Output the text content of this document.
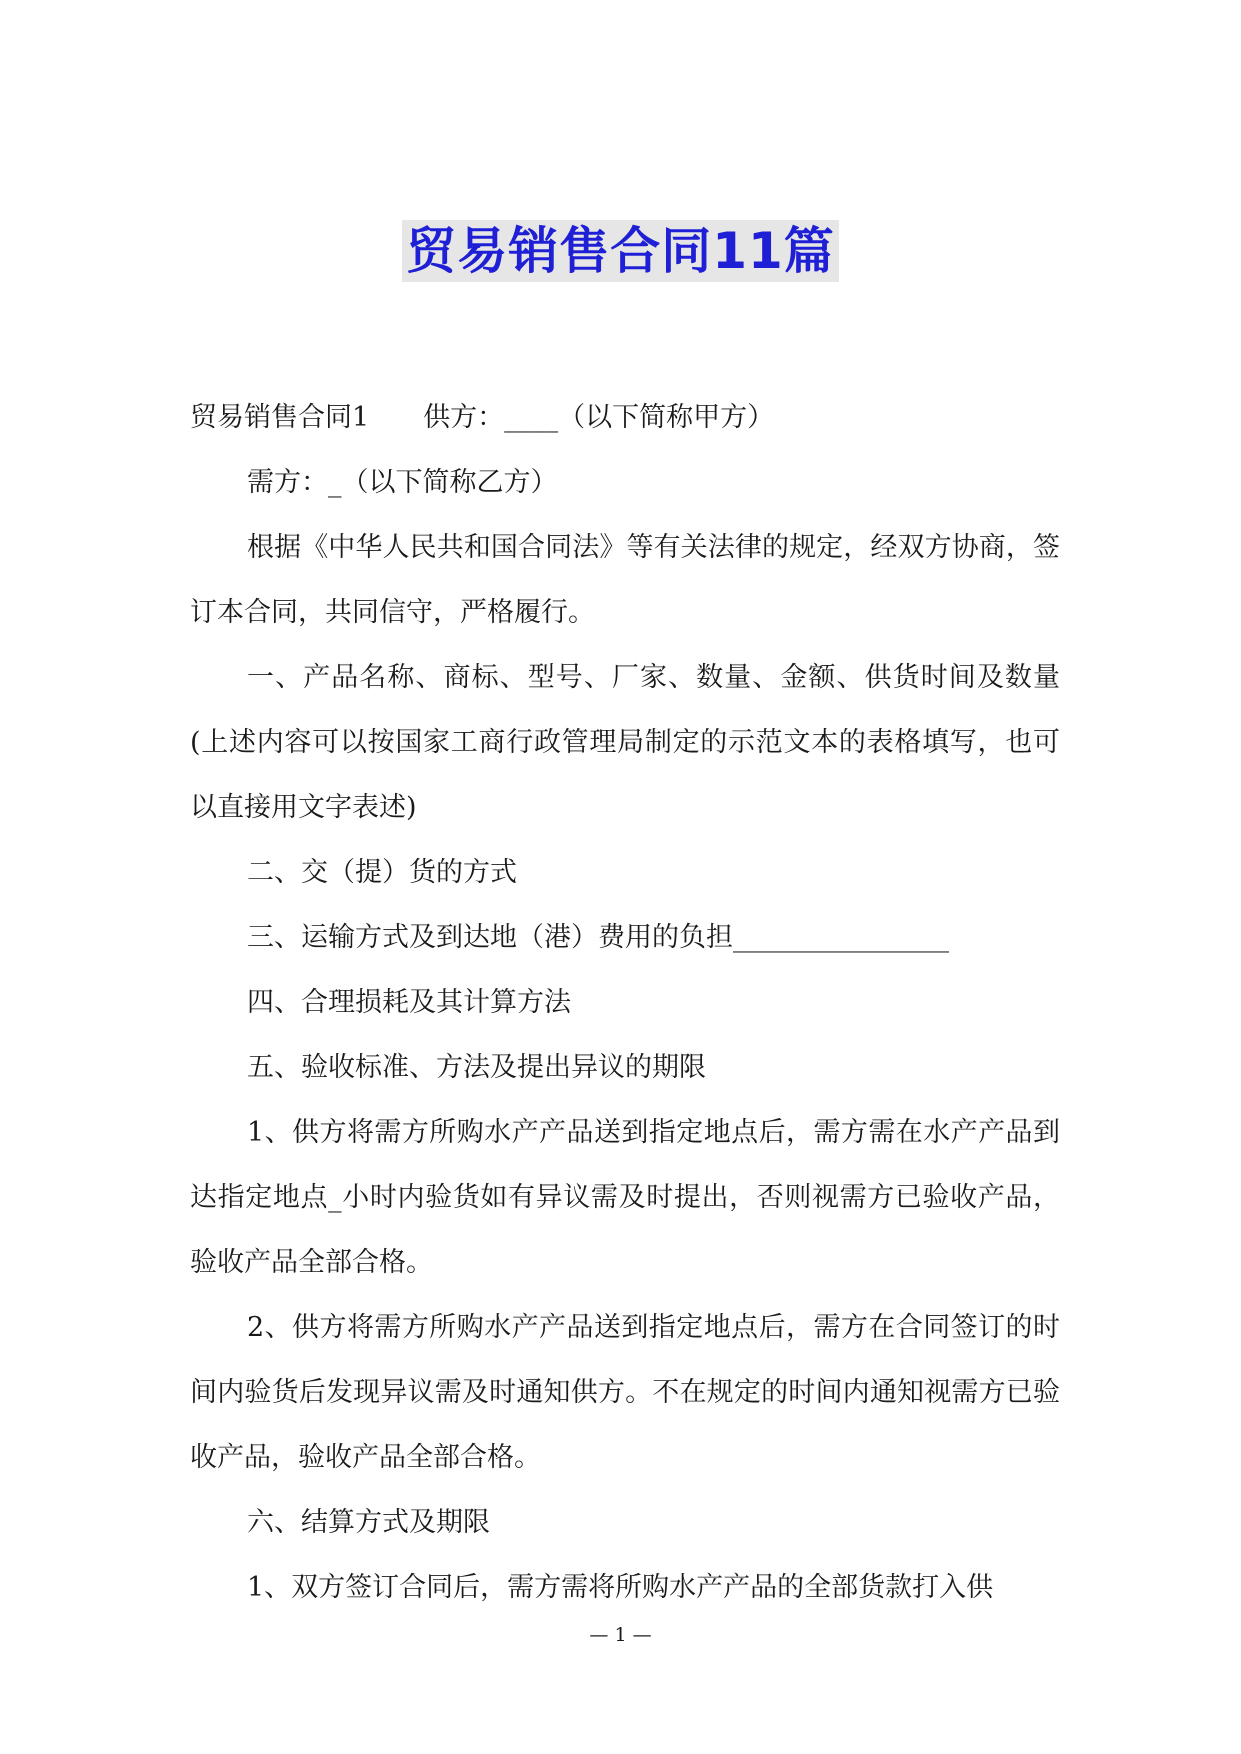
贸易销售合同11篇

贸易销售合同1　　供方：____（以下简称甲方）

需方：_（以下简称乙方）

根据《中华人民共和国合同法》等有关法律的规定，经双方协商，签订本合同，共同信守，严格履行。

一、产品名称、商标、型号、厂家、数量、金额、供货时间及数量(上述内容可以按国家工商行政管理局制定的示范文本的表格填写，也可以直接用文字表述)

二、交（提）货的方式

三、运输方式及到达地（港）费用的负担________________

四、合理损耗及其计算方法

五、验收标准、方法及提出异议的期限

1、供方将需方所购水产产品送到指定地点后，需方需在水产产品到达指定地点_小时内验货如有异议需及时提出，否则视需方已验收产品，验收产品全部合格。

2、供方将需方所购水产产品送到指定地点后，需方在合同签订的时间内验货后发现异议需及时通知供方。不在规定的时间内通知视需方已验收产品，验收产品全部合格。

六、结算方式及期限

1、双方签订合同后，需方需将所购水产产品的全部货款打入供

— 1 —
